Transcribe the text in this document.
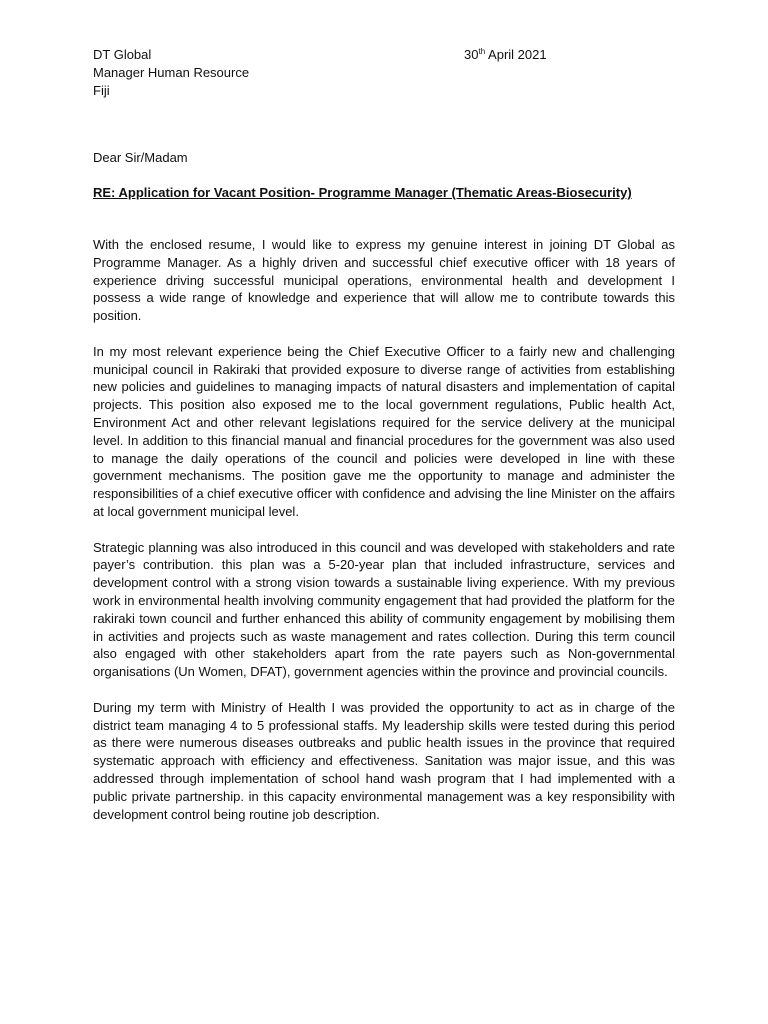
DT Global
Manager Human Resource
Fiji
30th April 2021
Dear Sir/Madam
RE: Application for Vacant Position- Programme Manager (Thematic Areas-Biosecurity)

With the enclosed resume, I would like to express my genuine interest in joining DT Global as Programme Manager. As a highly driven and successful chief executive officer with 18 years of experience driving successful municipal operations, environmental health and development I possess a wide range of knowledge and experience that will allow me to contribute towards this position.

In my most relevant experience being the Chief Executive Officer to a fairly new and challenging municipal council in Rakiraki that provided exposure to diverse range of activities from establishing new policies and guidelines to managing impacts of natural disasters and implementation of capital projects. This position also exposed me to the local government regulations, Public health Act, Environment Act and other relevant legislations required for the service delivery at the municipal level. In addition to this financial manual and financial procedures for the government was also used to manage the daily operations of the council and policies were developed in line with these government mechanisms. The position gave me the opportunity to manage and administer the responsibilities of a chief executive officer with confidence and advising the line Minister on the affairs at local government municipal level.

Strategic planning was also introduced in this council and was developed with stakeholders and rate payer’s contribution. this plan was a 5-20-year plan that included infrastructure, services and development control with a strong vision towards a sustainable living experience. With my previous work in environmental health involving community engagement that had provided the platform for the rakiraki town council and further enhanced this ability of community engagement by mobilising them in activities and projects such as waste management and rates collection. During this term council also engaged with other stakeholders apart from the rate payers such as Non-governmental organisations (Un Women, DFAT), government agencies within the province and provincial councils.

During my term with Ministry of Health I was provided the opportunity to act as in charge of the district team managing 4 to 5 professional staffs. My leadership skills were tested during this period as there were numerous diseases outbreaks and public health issues in the province that required systematic approach with efficiency and effectiveness. Sanitation was major issue, and this was addressed through implementation of school hand wash program that I had implemented with a public private partnership. in this capacity environmental management was a key responsibility with development control being routine job description.
